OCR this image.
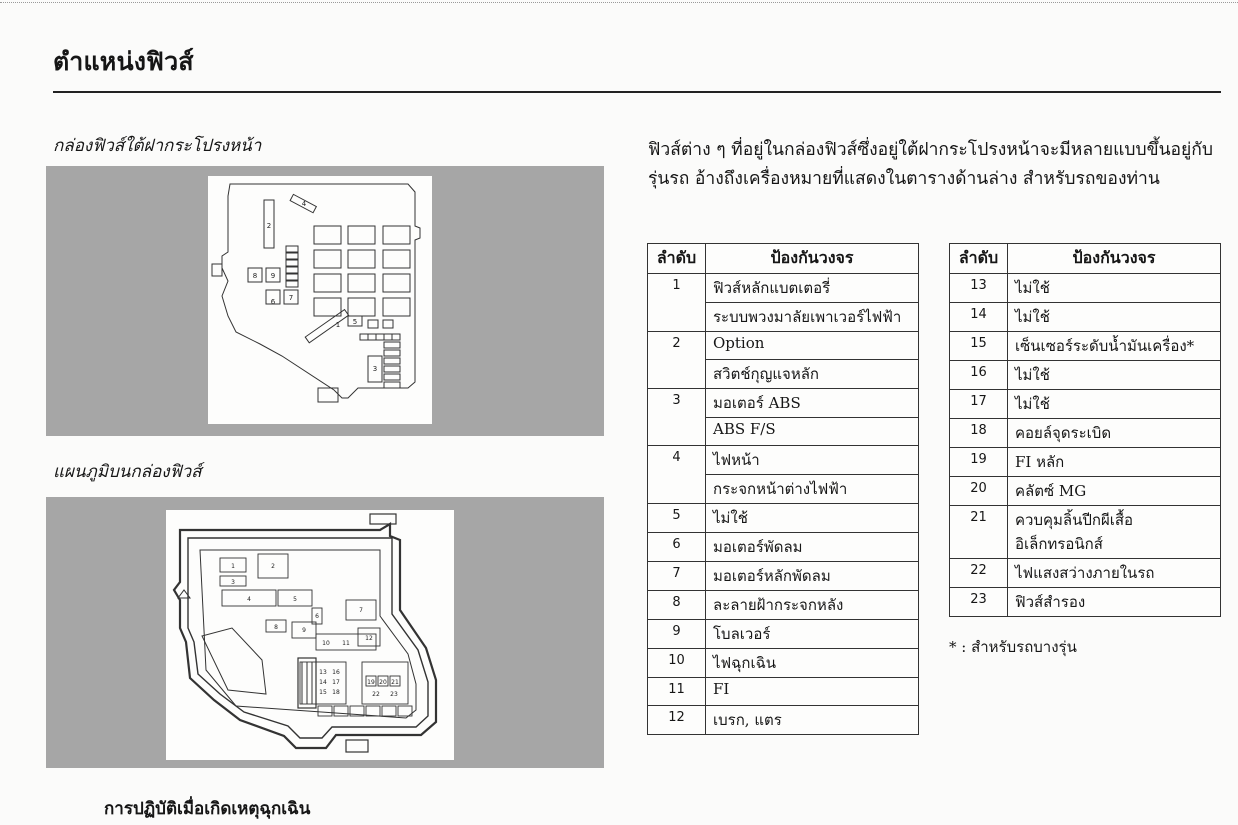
ตำแหน่งฟิวส์
กล่องฟิวส์ใต้ฝากระโปรงหน้า
1
2
3
4
5
6 7
8 9
แผนภูมิบนกล่องฟิวส์
1	2
3
4	5
6
7
8	9
10 11
12
13
14
15
16
17
18
19 20 21
22 23

ฟิวส์ต่าง ๆ ที่อยู่ในกล่องฟิวส์ซึ่งอยู่ใต้ฝากระโปรงหน้าจะมีหลายแบบขึ้นอยู่กับรุ่นรถ อ้างถึงเครื่องหมายที่แสดงในตารางด้านล่าง สำหรับรถของท่าน

ลำดับ	ป้องกันวงจร
1	ฟิวส์หลักแบตเตอรี่
	ระบบพวงมาลัยเพาเวอร์ไฟฟ้า
2	Option
	สวิตช์กุญแจหลัก
3	มอเตอร์ ABS
	ABS F/S
4	ไฟหน้า
	กระจกหน้าต่างไฟฟ้า
5	ไม่ใช้
6	มอเตอร์พัดลม
7	มอเตอร์หลักพัดลม
8	ละลายฝ้ากระจกหลัง
9	โบลเวอร์
10	ไฟฉุกเฉิน
11	FI
12	เบรก, แตร
ลำดับ	ป้องกันวงจร
13	ไม่ใช้
14	ไม่ใช้
15	เซ็นเซอร์ระดับน้ำมันเครื่อง*
16	ไม่ใช้
17	ไม่ใช้
18	คอยล์จุดระเบิด
19	FI หลัก
20	คลัตซ์ MG
21	ควบคุมลิ้นปีกผีเสื้ออิเล็กทรอนิกส์
22	ไฟแสงสว่างภายในรถ
23	ฟิวส์สำรอง

* : สำหรับรถบางรุ่น

การปฏิบัติเมื่อเกิดเหตุฉุกเฉิน
